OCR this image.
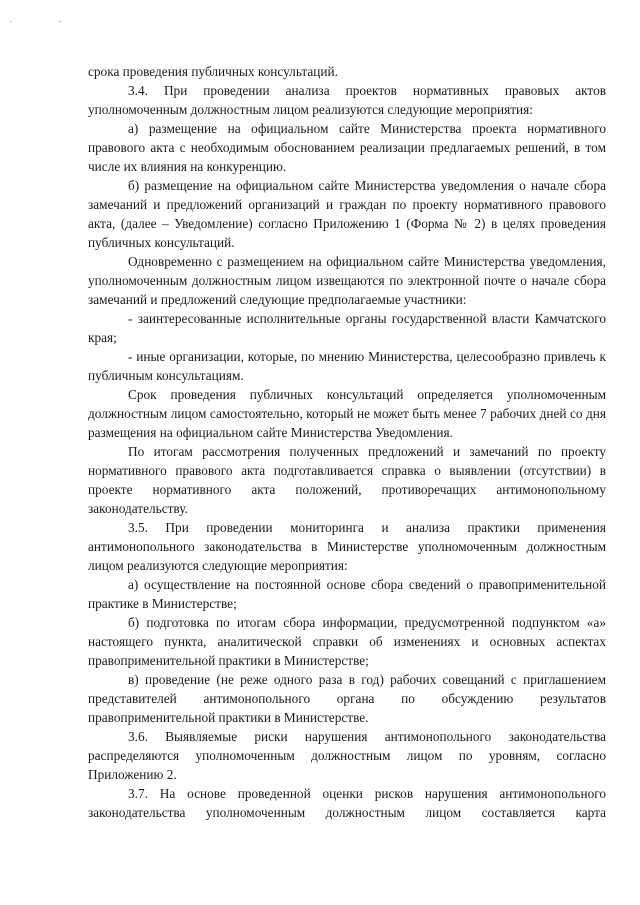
,	..

срока проведения публичных консультаций.

3.4. При проведении анализа проектов нормативных правовых актов уполномоченным должностным лицом реализуются следующие мероприятия:

а) размещение на официальном сайте Министерства проекта нормативного правового акта с необходимым обоснованием реализации предлагаемых решений, в том числе их влияния на конкуренцию.

б) размещение на официальном сайте Министерства уведомления о начале сбора замечаний и предложений организаций и граждан по проекту нормативного правового акта, (далее – Уведомление) согласно Приложению 1 (Форма № 2) в целях проведения публичных консультаций.

Одновременно с размещением на официальном сайте Министерства уведомления, уполномоченным должностным лицом извещаются по электронной почте о начале сбора замечаний и предложений следующие предполагаемые участники:

- заинтересованные исполнительные органы государственной власти Камчатского края;

- иные организации, которые, по мнению Министерства, целесообразно привлечь к публичным консультациям.

Срок проведения публичных консультаций определяется уполномоченным должностным лицом самостоятельно, который не может быть менее 7 рабочих дней со дня размещения на официальном сайте Министерства Уведомления.

По итогам рассмотрения полученных предложений и замечаний по проекту нормативного правового акта подготавливается справка о выявлении (отсутствии) в проекте нормативного акта положений, противоречащих антимонопольному законодательству.

3.5. При проведении мониторинга и анализа практики применения антимонопольного законодательства в Министерстве уполномоченным должностным лицом реализуются следующие мероприятия:

а) осуществление на постоянной основе сбора сведений о правоприменительной практике в Министерстве;

б) подготовка по итогам сбора информации, предусмотренной подпунктом «а» настоящего пункта, аналитической справки об изменениях и основных аспектах правоприменительной практики в Министерстве;

в) проведение (не реже одного раза в год) рабочих совещаний с приглашением представителей антимонопольного органа по обсуждению результатов правоприменительной практики в Министерстве.

3.6. Выявляемые риски нарушения антимонопольного законодательства распределяются уполномоченным должностным лицом по уровням, согласно Приложению 2.

3.7. На основе проведенной оценки рисков нарушения антимонопольного законодательства уполномоченным должностным лицом составляется карта
